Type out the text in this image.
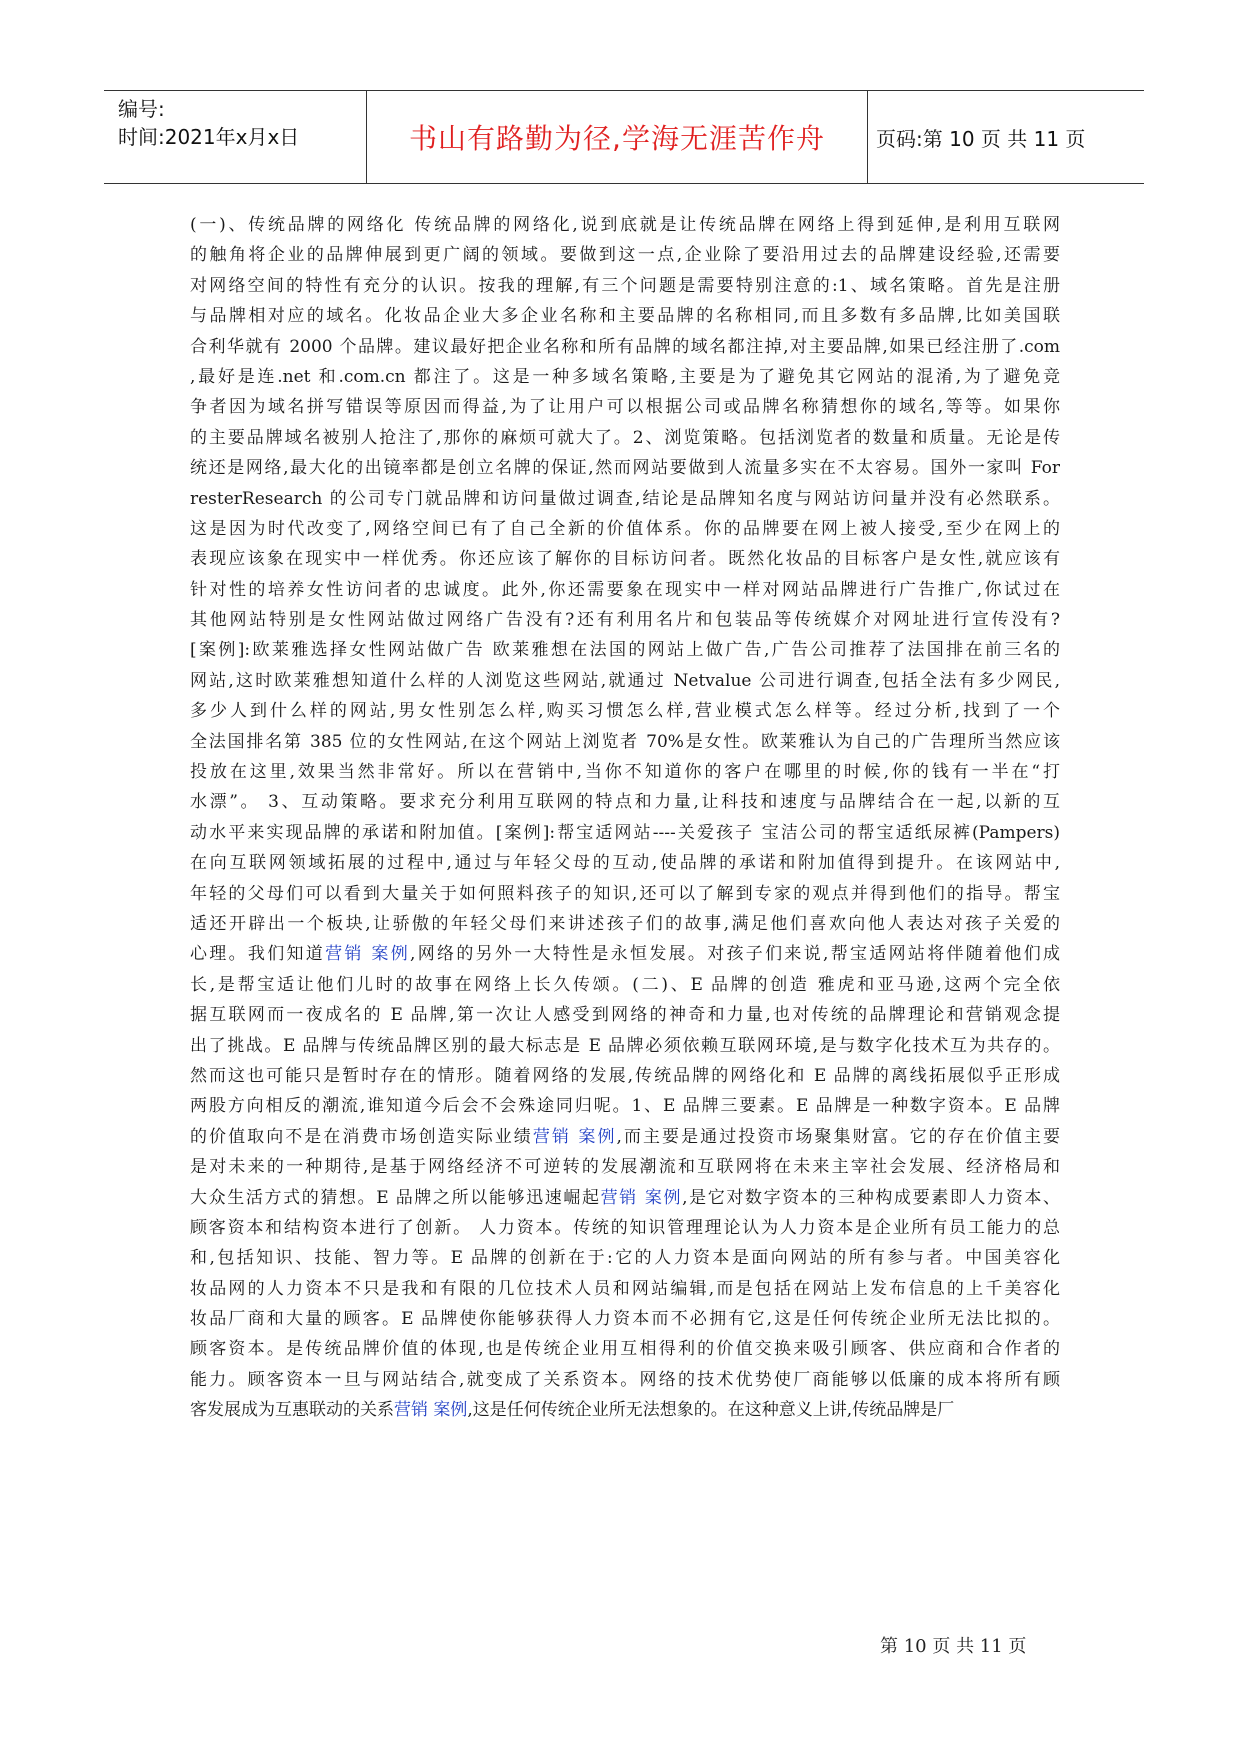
编号:
时间:2021年x月x日	书山有路勤为径,学海无涯苦作舟	页码:第 10 页 共 11 页
(一)、传统品牌的网络化 传统品牌的网络化,说到底就是让传统品牌在网络上得到延伸,是利用互联网
的触角将企业的品牌伸展到更广阔的领域。要做到这一点,企业除了要沿用过去的品牌建设经验,还需要
对网络空间的特性有充分的认识。按我的理解,有三个问题是需要特别注意的:1、域名策略。首先是注册
与品牌相对应的域名。化妆品企业大多企业名称和主要品牌的名称相同,而且多数有多品牌,比如美国联
合利华就有 2000 个品牌。建议最好把企业名称和所有品牌的域名都注掉,对主要品牌,如果已经注册了.com
,最好是连.net 和.com.cn 都注了。这是一种多域名策略,主要是为了避免其它网站的混淆,为了避免竞
争者因为域名拼写错误等原因而得益,为了让用户可以根据公司或品牌名称猜想你的域名,等等。如果你
的主要品牌域名被别人抢注了,那你的麻烦可就大了。2、浏览策略。包括浏览者的数量和质量。无论是传
统还是网络,最大化的出镜率都是创立名牌的保证,然而网站要做到人流量多实在不太容易。国外一家叫 For
resterResearch 的公司专门就品牌和访问量做过调查,结论是品牌知名度与网站访问量并没有必然联系。
这是因为时代改变了,网络空间已有了自己全新的价值体系。你的品牌要在网上被人接受,至少在网上的
表现应该象在现实中一样优秀。你还应该了解你的目标访问者。既然化妆品的目标客户是女性,就应该有
针对性的培养女性访问者的忠诚度。此外,你还需要象在现实中一样对网站品牌进行广告推广,你试过在
其他网站特别是女性网站做过网络广告没有?还有利用名片和包装品等传统媒介对网址进行宣传没有?
[案例]:欧莱雅选择女性网站做广告 欧莱雅想在法国的网站上做广告,广告公司推荐了法国排在前三名的
网站,这时欧莱雅想知道什么样的人浏览这些网站,就通过 Netvalue 公司进行调查,包括全法有多少网民,
多少人到什么样的网站,男女性别怎么样,购买习惯怎么样,营业模式怎么样等。经过分析,找到了一个
全法国排名第 385 位的女性网站,在这个网站上浏览者 70%是女性。欧莱雅认为自己的广告理所当然应该
投放在这里,效果当然非常好。所以在营销中,当你不知道你的客户在哪里的时候,你的钱有一半在“打
水漂”。 3、互动策略。要求充分利用互联网的特点和力量,让科技和速度与品牌结合在一起,以新的互
动水平来实现品牌的承诺和附加值。[案例]:帮宝适网站----关爱孩子 宝洁公司的帮宝适纸尿裤(Pampers)
在向互联网领域拓展的过程中,通过与年轻父母的互动,使品牌的承诺和附加值得到提升。在该网站中,
年轻的父母们可以看到大量关于如何照料孩子的知识,还可以了解到专家的观点并得到他们的指导。帮宝
适还开辟出一个板块,让骄傲的年轻父母们来讲述孩子们的故事,满足他们喜欢向他人表达对孩子关爱的
心理。我们知道营销 案例,网络的另外一大特性是永恒发展。对孩子们来说,帮宝适网站将伴随着他们成
长,是帮宝适让他们儿时的故事在网络上长久传颂。(二)、E 品牌的创造 雅虎和亚马逊,这两个完全依
据互联网而一夜成名的 E 品牌,第一次让人感受到网络的神奇和力量,也对传统的品牌理论和营销观念提
出了挑战。E 品牌与传统品牌区别的最大标志是 E 品牌必须依赖互联网环境,是与数字化技术互为共存的。
然而这也可能只是暂时存在的情形。随着网络的发展,传统品牌的网络化和 E 品牌的离线拓展似乎正形成
两股方向相反的潮流,谁知道今后会不会殊途同归呢。1、E 品牌三要素。E 品牌是一种数字资本。E 品牌
的价值取向不是在消费市场创造实际业绩营销 案例,而主要是通过投资市场聚集财富。它的存在价值主要
是对未来的一种期待,是基于网络经济不可逆转的发展潮流和互联网将在未来主宰社会发展、经济格局和
大众生活方式的猜想。E 品牌之所以能够迅速崛起营销 案例,是它对数字资本的三种构成要素即人力资本、
顾客资本和结构资本进行了创新。 人力资本。传统的知识管理理论认为人力资本是企业所有员工能力的总
和,包括知识、技能、智力等。E 品牌的创新在于:它的人力资本是面向网站的所有参与者。中国美容化
妆品网的人力资本不只是我和有限的几位技术人员和网站编辑,而是包括在网站上发布信息的上千美容化
妆品厂商和大量的顾客。E 品牌使你能够获得人力资本而不必拥有它,这是任何传统企业所无法比拟的。
顾客资本。是传统品牌价值的体现,也是传统企业用互相得利的价值交换来吸引顾客、供应商和合作者的
能力。顾客资本一旦与网站结合,就变成了关系资本。网络的技术优势使厂商能够以低廉的成本将所有顾
客发展成为互惠联动的关系营销 案例,这是任何传统企业所无法想象的。在这种意义上讲,传统品牌是厂
第 10 页 共 11 页
